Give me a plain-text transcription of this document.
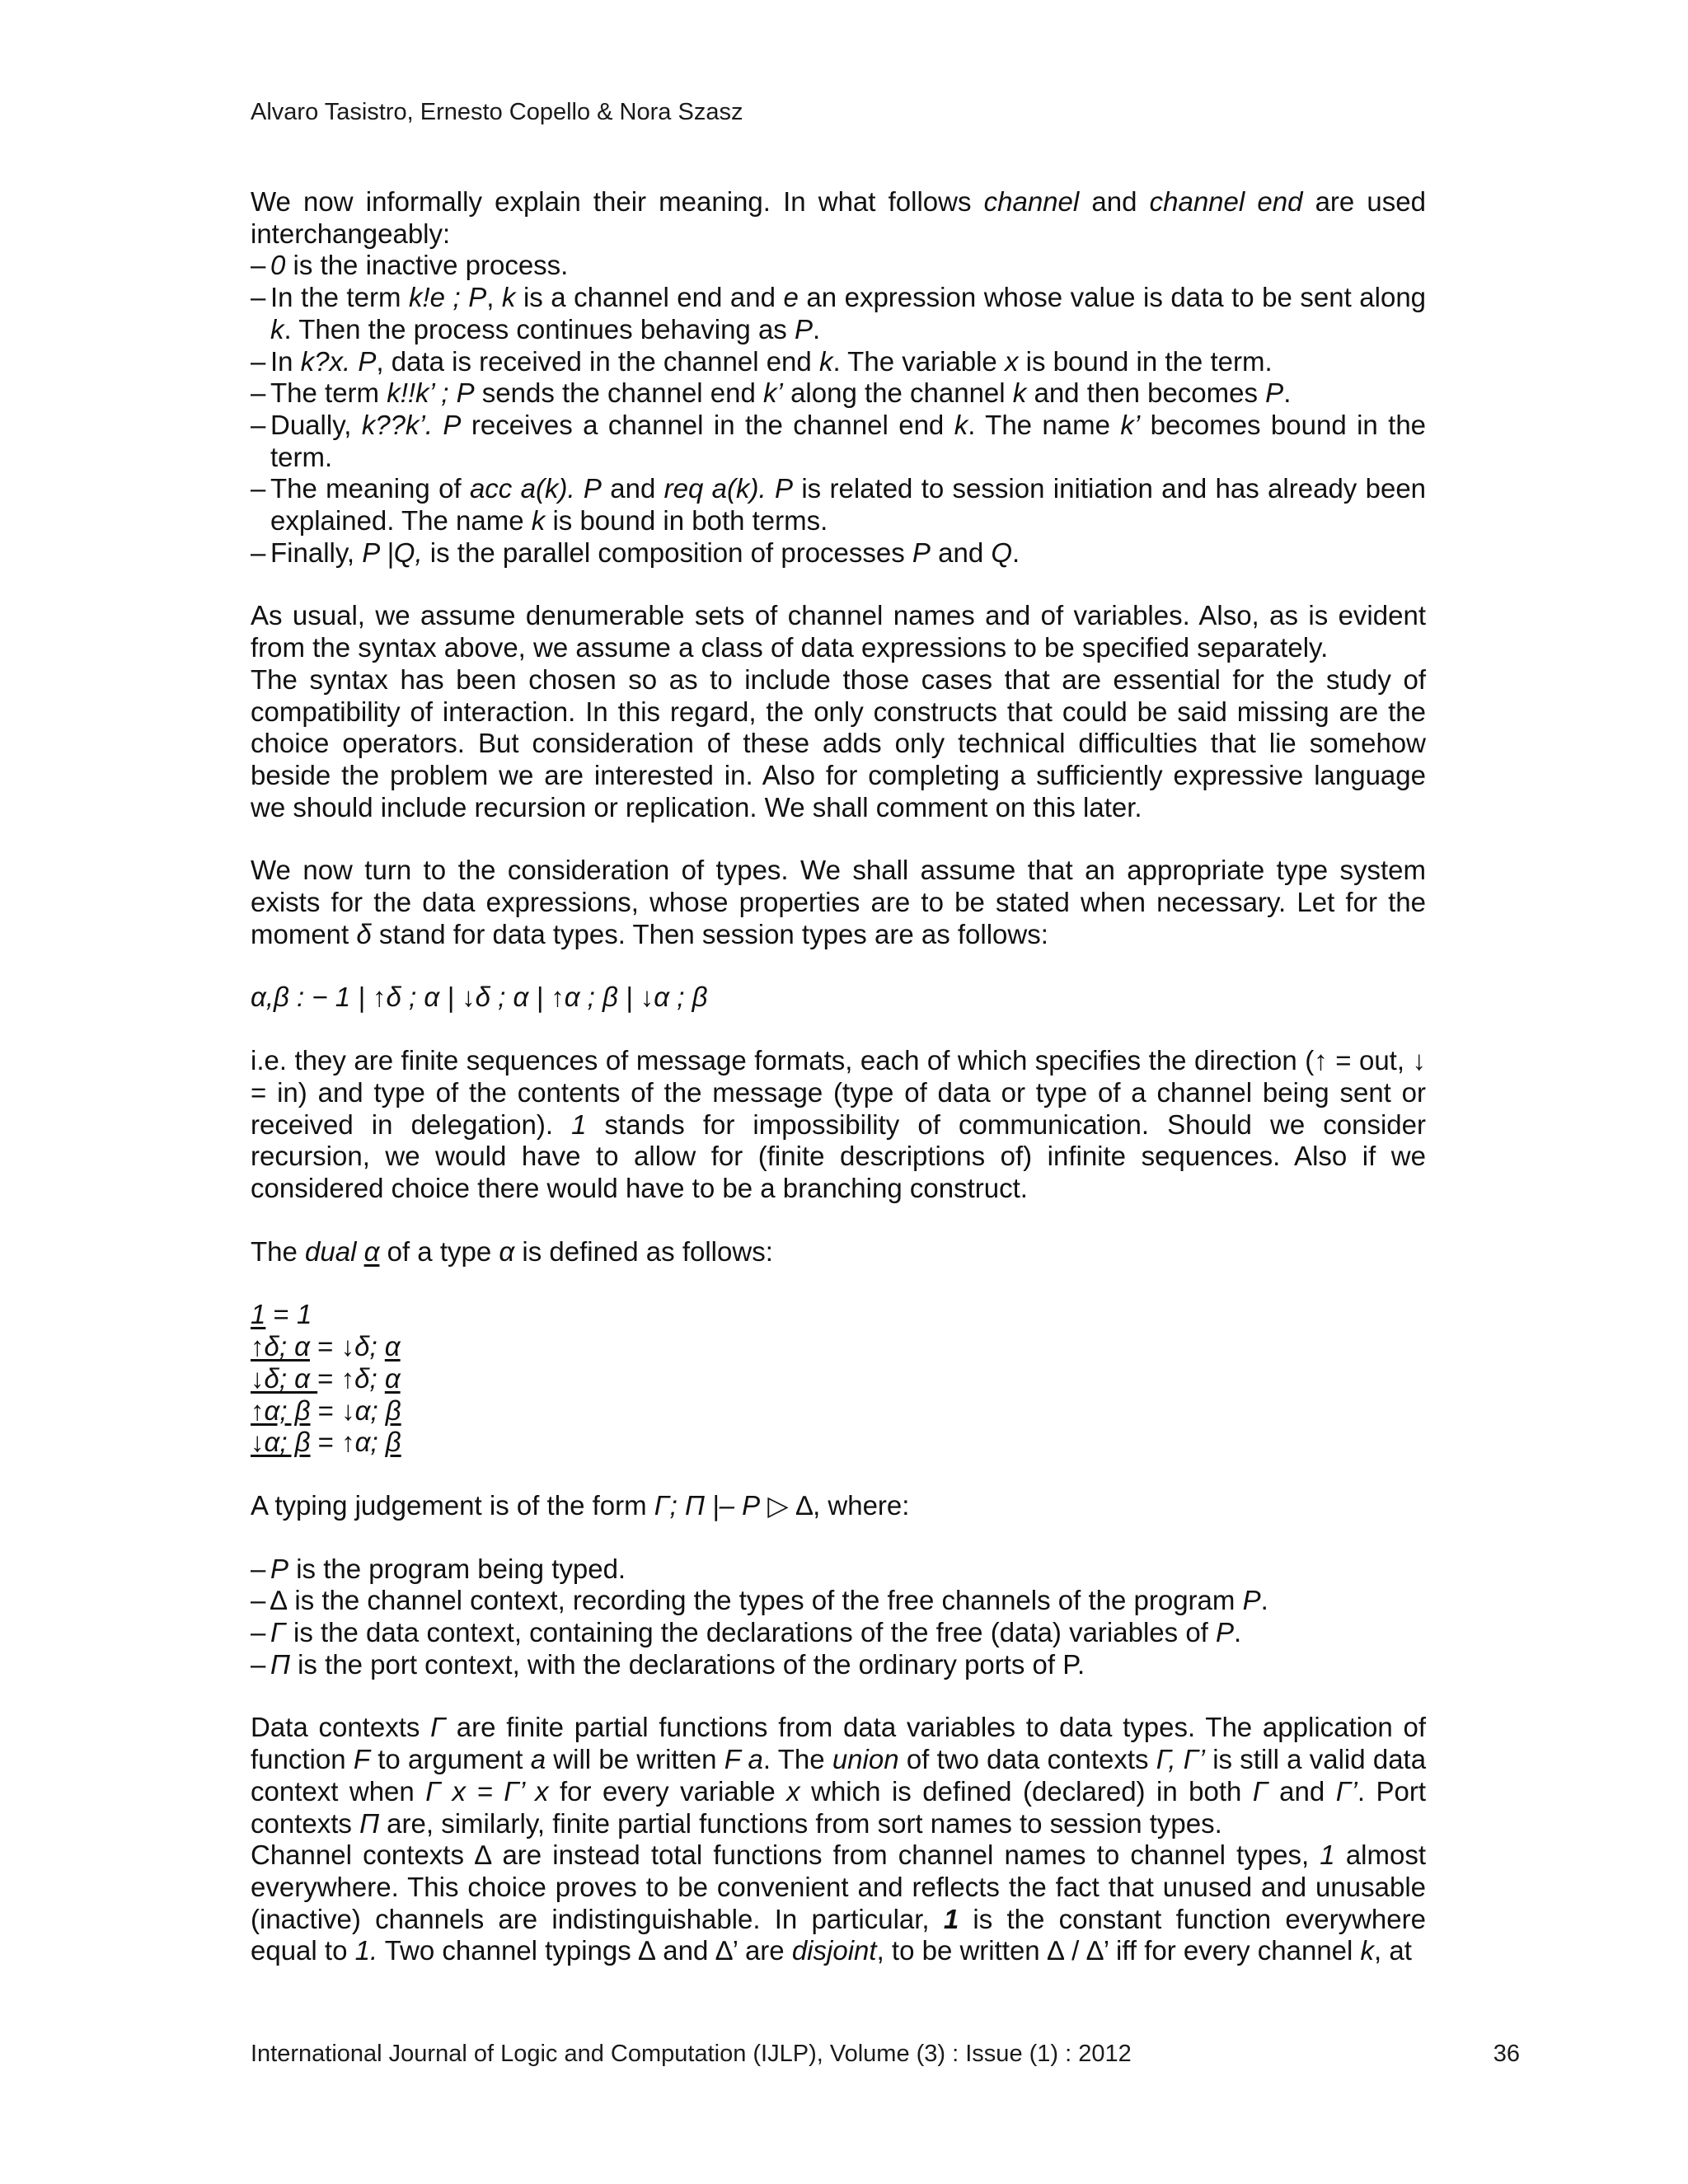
Alvaro Tasistro, Ernesto Copello & Nora Szasz

We now informally explain their meaning. In what follows channel and channel end are used interchangeably:

– 0 is the inactive process.
– In the term k!e ; P, k is a channel end and e an expression whose value is data to be sent along k. Then the process continues behaving as P.
– In k?x. P, data is received in the channel end k. The variable x is bound in the term.
– The term k!!k’ ; P sends the channel end k’ along the channel k and then becomes P.
– Dually, k??k’. P receives a channel in the channel end k. The name k’ becomes bound in the term.
– The meaning of acc a(k). P and req a(k). P is related to session initiation and has already been explained. The name k is bound in both terms.
– Finally, P |Q, is the parallel composition of processes P and Q.

As usual, we assume denumerable sets of channel names and of variables. Also, as is evident from the syntax above, we assume a class of data expressions to be specified separately.

The syntax has been chosen so as to include those cases that are essential for the study of compatibility of interaction. In this regard, the only constructs that could be said missing are the choice operators. But consideration of these adds only technical difficulties that lie somehow beside the problem we are interested in. Also for completing a sufficiently expressive language we should include recursion or replication. We shall comment on this later.

We now turn to the consideration of types. We shall assume that an appropriate type system exists for the data expressions, whose properties are to be stated when necessary. Let for the moment δ stand for data types. Then session types are as follows:

α,β : − 1 | ↑δ ; α | ↓δ ; α | ↑α ; β | ↓α ; β

i.e. they are finite sequences of message formats, each of which specifies the direction (↑ = out, ↓ = in) and type of the contents of the message (type of data or type of a channel being sent or received in delegation). 1 stands for impossibility of communication. Should we consider recursion, we would have to allow for (finite descriptions of) infinite sequences. Also if we considered choice there would have to be a branching construct.

The dual α of a type α is defined as follows:

1 = 1

↑δ; α = ↓δ; α

↓δ; α = ↑δ; α

↑α; β = ↓α; β

↓α; β = ↑α; β

A typing judgement is of the form Γ; Π |– P ▷ ∆, where:

– P is the program being typed.
– ∆ is the channel context, recording the types of the free channels of the program P.
– Γ is the data context, containing the declarations of the free (data) variables of P.
– Π is the port context, with the declarations of the ordinary ports of P.

Data contexts Γ are finite partial functions from data variables to data types. The application of function F to argument a will be written F a. The union of two data contexts Γ, Γ’ is still a valid data context when Γ x = Γ’ x for every variable x which is defined (declared) in both Γ and Γ’. Port contexts Π are, similarly, finite partial functions from sort names to session types.

Channel contexts ∆ are instead total functions from channel names to channel types, 1 almost everywhere. This choice proves to be convenient and reflects the fact that unused and unusable (inactive) channels are indistinguishable. In particular, 1 is the constant function everywhere equal to 1. Two channel typings ∆ and ∆’ are disjoint, to be written ∆ / ∆’ iff for every channel k, at

International Journal of Logic and Computation (IJLP), Volume (3) : Issue (1) : 2012	36
